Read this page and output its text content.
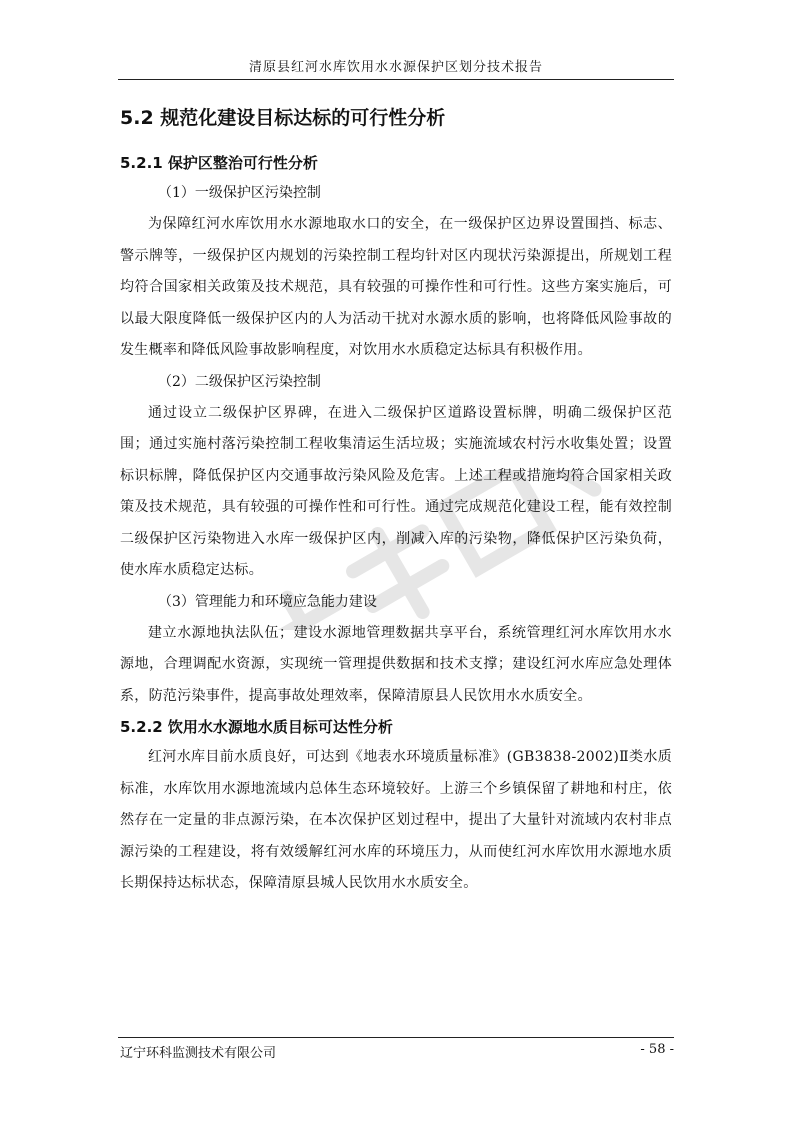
清原县红河水库饮用水水源保护区划分技术报告

5.2 规范化建设目标达标的可行性分析

5.2.1 保护区整治可行性分析

（1）一级保护区污染控制

为保障红河水库饮用水水源地取水口的安全，在一级保护区边界设置围挡、标志、警示牌等，一级保护区内规划的污染控制工程均针对区内现状污染源提出，所规划工程均符合国家相关政策及技术规范，具有较强的可操作性和可行性。这些方案实施后，可以最大限度降低一级保护区内的人为活动干扰对水源水质的影响，也将降低风险事故的发生概率和降低风险事故影响程度，对饮用水水质稳定达标具有积极作用。

（2）二级保护区污染控制

通过设立二级保护区界碑，在进入二级保护区道路设置标牌，明确二级保护区范围；通过实施村落污染控制工程收集清运生活垃圾；实施流域农村污水收集处置；设置标识标牌，降低保护区内交通事故污染风险及危害。上述工程或措施均符合国家相关政策及技术规范，具有较强的可操作性和可行性。通过完成规范化建设工程，能有效控制二级保护区污染物进入水库一级保护区内，削减入库的污染物，降低保护区污染负荷，使水库水质稳定达标。

（3）管理能力和环境应急能力建设

建立水源地执法队伍；建设水源地管理数据共享平台，系统管理红河水库饮用水水源地，合理调配水资源，实现统一管理提供数据和技术支撑；建设红河水库应急处理体系，防范污染事件，提高事故处理效率，保障清原县人民饮用水水质安全。

5.2.2 饮用水水源地水质目标可达性分析

红河水库目前水质良好，可达到《地表水环境质量标准》(GB3838-2002)Ⅱ类水质标准，水库饮用水源地流域内总体生态环境较好。上游三个乡镇保留了耕地和村庄，依然存在一定量的非点源污染，在本次保护区划过程中，提出了大量针对流域内农村非点源污染的工程建设，将有效缓解红河水库的环境压力，从而使红河水库饮用水源地水质长期保持达标状态，保障清原县城人民饮用水水质安全。

辽宁环科监测技术有限公司	- 58 -
